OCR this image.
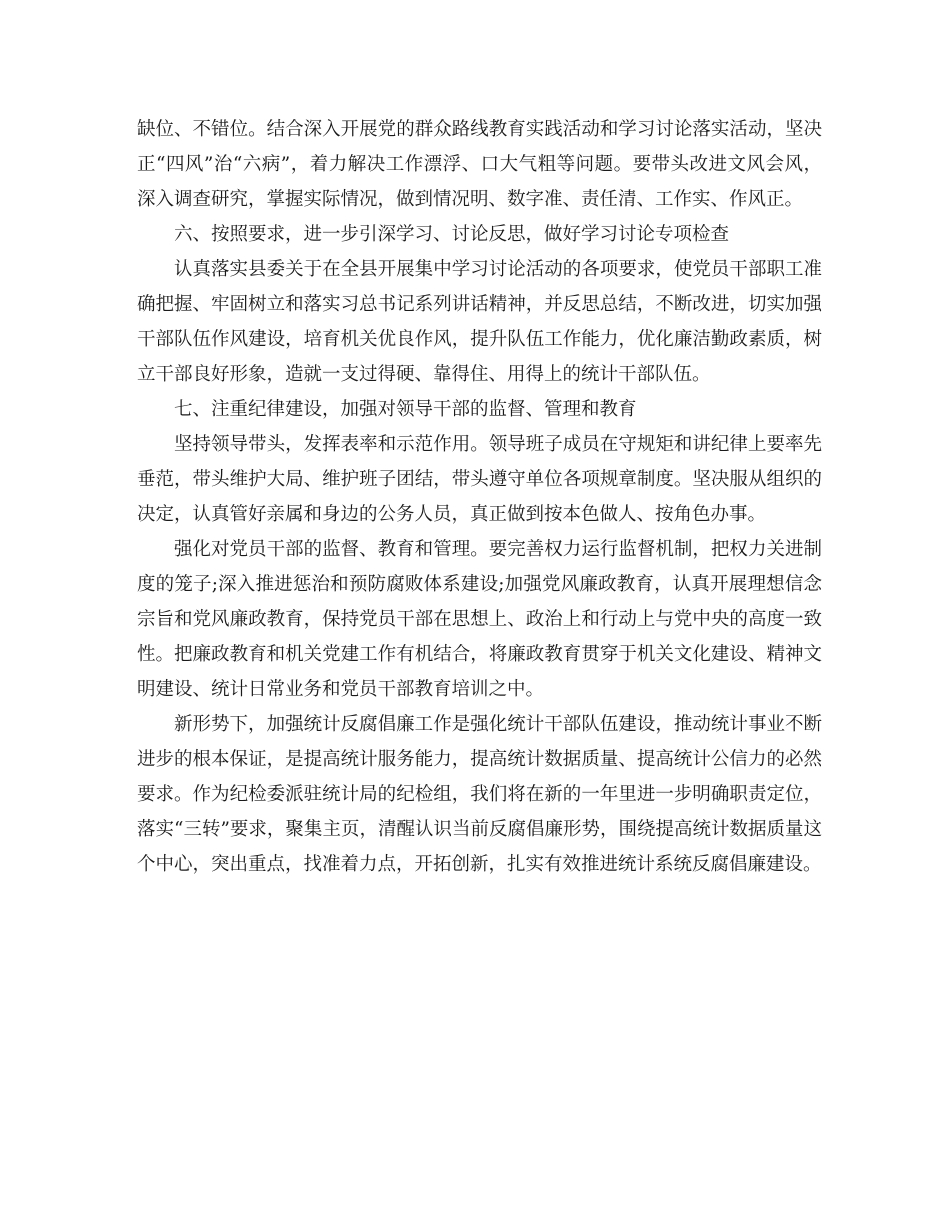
缺位、不错位。结合深入开展党的群众路线教育实践活动和学习讨论落实活动，坚决正“四风”治“六病”，着力解决工作漂浮、口大气粗等问题。要带头改进文风会风，深入调查研究，掌握实际情况，做到情况明、数字准、责任清、工作实、作风正。

六、按照要求，进一步引深学习、讨论反思，做好学习讨论专项检查

认真落实县委关于在全县开展集中学习讨论活动的各项要求，使党员干部职工准确把握、牢固树立和落实习总书记系列讲话精神，并反思总结，不断改进，切实加强干部队伍作风建设，培育机关优良作风，提升队伍工作能力，优化廉洁勤政素质，树立干部良好形象，造就一支过得硬、靠得住、用得上的统计干部队伍。

七、注重纪律建设，加强对领导干部的监督、管理和教育

坚持领导带头，发挥表率和示范作用。领导班子成员在守规矩和讲纪律上要率先垂范，带头维护大局、维护班子团结，带头遵守单位各项规章制度。坚决服从组织的决定，认真管好亲属和身边的公务人员，真正做到按本色做人、按角色办事。

强化对党员干部的监督、教育和管理。要完善权力运行监督机制，把权力关进制度的笼子;深入推进惩治和预防腐败体系建设;加强党风廉政教育，认真开展理想信念宗旨和党风廉政教育，保持党员干部在思想上、政治上和行动上与党中央的高度一致性。把廉政教育和机关党建工作有机结合，将廉政教育贯穿于机关文化建设、精神文明建设、统计日常业务和党员干部教育培训之中。

新形势下，加强统计反腐倡廉工作是强化统计干部队伍建设，推动统计事业不断进步的根本保证，是提高统计服务能力，提高统计数据质量、提高统计公信力的必然要求。作为纪检委派驻统计局的纪检组，我们将在新的一年里进一步明确职责定位，落实“三转”要求，聚集主页，清醒认识当前反腐倡廉形势，围绕提高统计数据质量这个中心，突出重点，找准着力点，开拓创新，扎实有效推进统计系统反腐倡廉建设。
